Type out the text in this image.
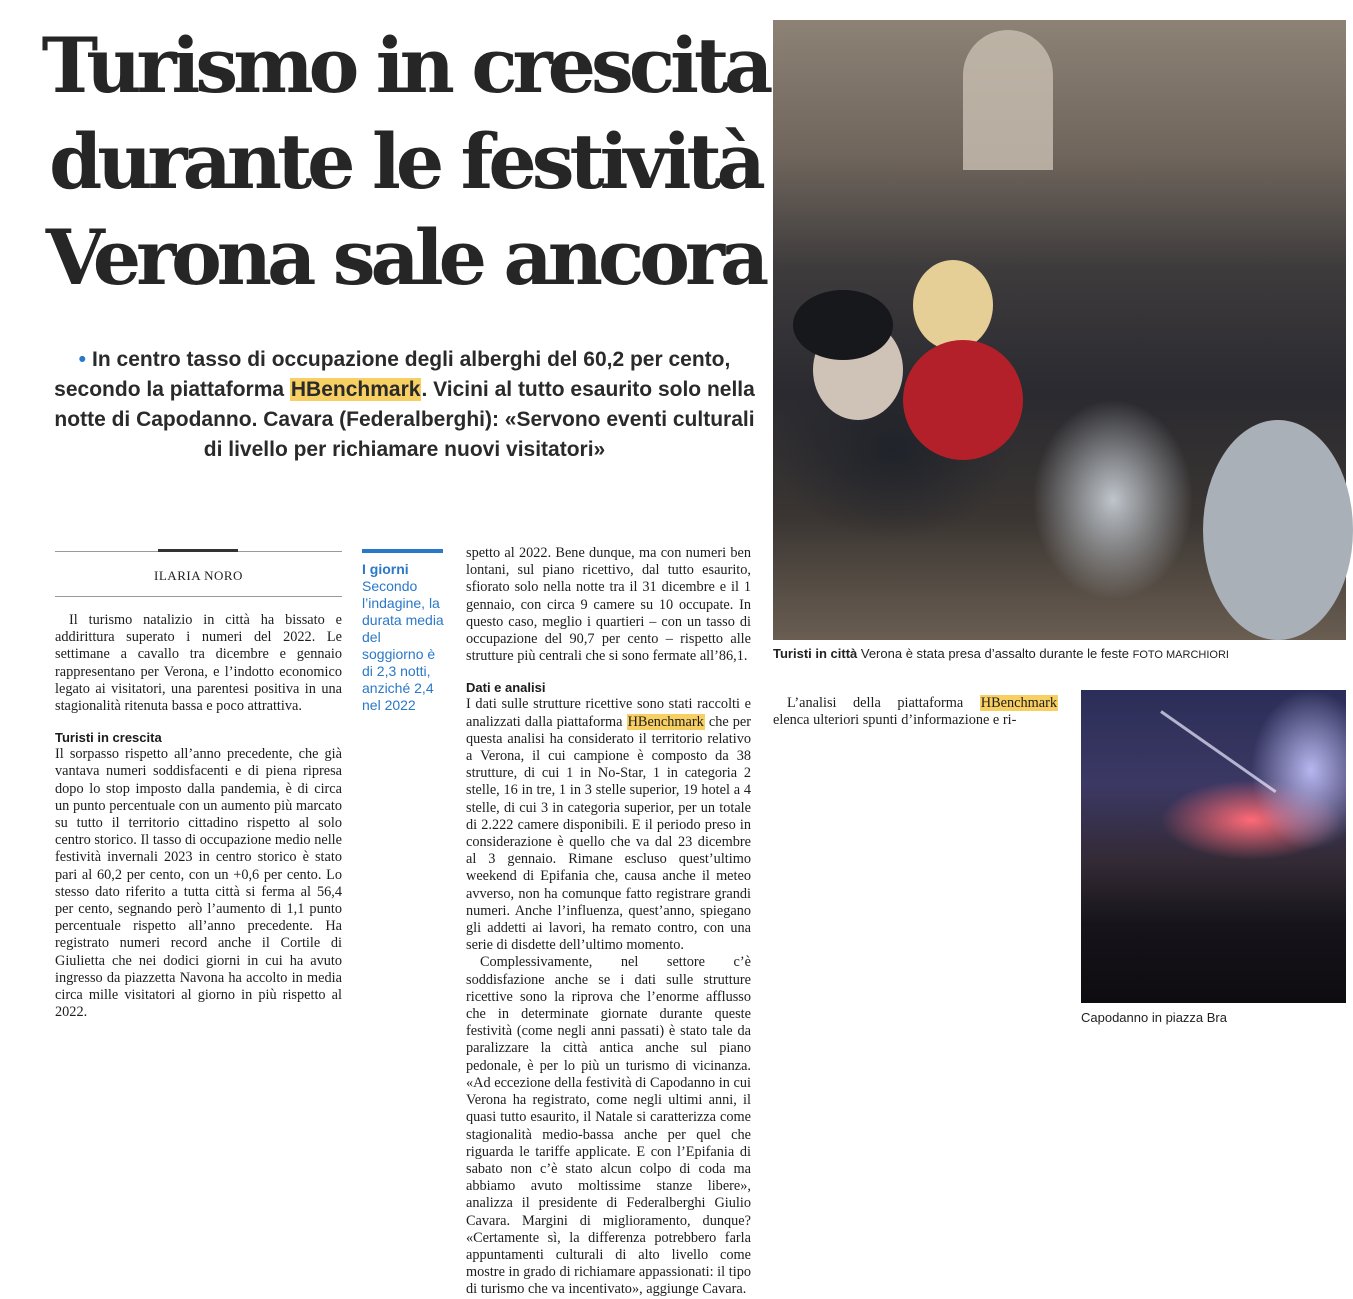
Turismo in crescita
durante le festività
Verona sale ancora

• In centro tasso di occupazione degli alberghi del 60,2 per cento, secondo la piattaforma HBenchmark. Vicini al tutto esaurito solo nella notte di Capodanno. Cavara (Federalberghi): «Servono eventi culturali di livello per richiamare nuovi visitatori»

Turisti in città Verona è stata presa d’assalto durante le feste FOTO MARCHIORI

Capodanno in piazza Bra

ILARIA NORO	I giorni
Secondo l’indagine, la durata media del soggiorno è di 2,3 notti, anziché 2,4 nel 2022

Il turismo natalizio in città ha bissato e addirittura superato i numeri del 2022. Le settimane a cavallo tra dicembre e gennaio rappresentano per Verona, e l’indotto economico legato ai visitatori, una parentesi positiva in una stagionalità ritenuta bassa e poco attrattiva.

Turisti in crescita

Il sorpasso rispetto all’anno precedente, che già vantava numeri soddisfacenti e di piena ripresa dopo lo stop imposto dalla pandemia, è di circa un punto percentuale con un aumento più marcato su tutto il territorio cittadino rispetto al solo centro storico. Il tasso di occupazione medio nelle festività invernali 2023 in centro storico è stato pari al 60,2 per cento, con un +0,6 per cento. Lo stesso dato riferito a tutta città si ferma al 56,4 per cento, segnando però l’aumento di 1,1 punto percentuale rispetto all’anno precedente. Ha registrato numeri record anche il Cortile di Giulietta che nei dodici giorni in cui ha avuto ingresso da piazzetta Navona ha accolto in media circa mille visitatori al giorno in più rispetto al 2022.

spetto al 2022. Bene dunque, ma con numeri ben lontani, sul piano ricettivo, dal tutto esaurito, sfiorato solo nella notte tra il 31 dicembre e il 1 gennaio, con circa 9 camere su 10 occupate. In questo caso, meglio i quartieri – con un tasso di occupazione del 90,7 per cento – rispetto alle strutture più centrali che si sono fermate all’86,1.

Dati e analisi

I dati sulle strutture ricettive sono stati raccolti e analizzati dalla piattaforma HBenchmark che per questa analisi ha considerato il territorio relativo a Verona, il cui campione è composto da 38 strutture, di cui 1 in No-Star, 1 in categoria 2 stelle, 16 in tre, 1 in 3 stelle superior, 19 hotel a 4 stelle, di cui 3 in categoria superior, per un totale di 2.222 camere disponibili. E il periodo preso in considerazione è quello che va dal 23 dicembre al 3 gennaio. Rimane escluso quest’ultimo weekend di Epifania che, causa anche il meteo avverso, non ha comunque fatto registrare grandi numeri. Anche l’influenza, quest’anno, spiegano gli addetti ai lavori, ha remato contro, con una serie di disdette dell’ultimo momento.

Complessivamente, nel settore c’è soddisfazione anche se i dati sulle strutture ricettive sono la riprova che l’enorme afflusso che in determinate giornate durante queste festività (come negli anni passati) è stato tale da paralizzare la città antica anche sul piano pedonale, è per lo più un turismo di vicinanza. «Ad eccezione della festività di Capodanno in cui Verona ha registrato, come negli ultimi anni, il quasi tutto esaurito, il Natale si caratterizza come stagionalità medio-bassa anche per quel che riguarda le tariffe applicate. E con l’Epifania di sabato non c’è stato alcun colpo di coda ma abbiamo avuto moltissime stanze libere», analizza il presidente di Federalberghi Giulio Cavara. Margini di miglioramento, dunque? «Certamente sì, la differenza potrebbero farla appuntamenti culturali di alto livello come mostre in grado di richiamare appassionati: il tipo di turismo che va incentivato», aggiunge Cavara.

L’analisi della piattaforma HBenchmark elenca ulteriori spunti d’informazione e ri-
